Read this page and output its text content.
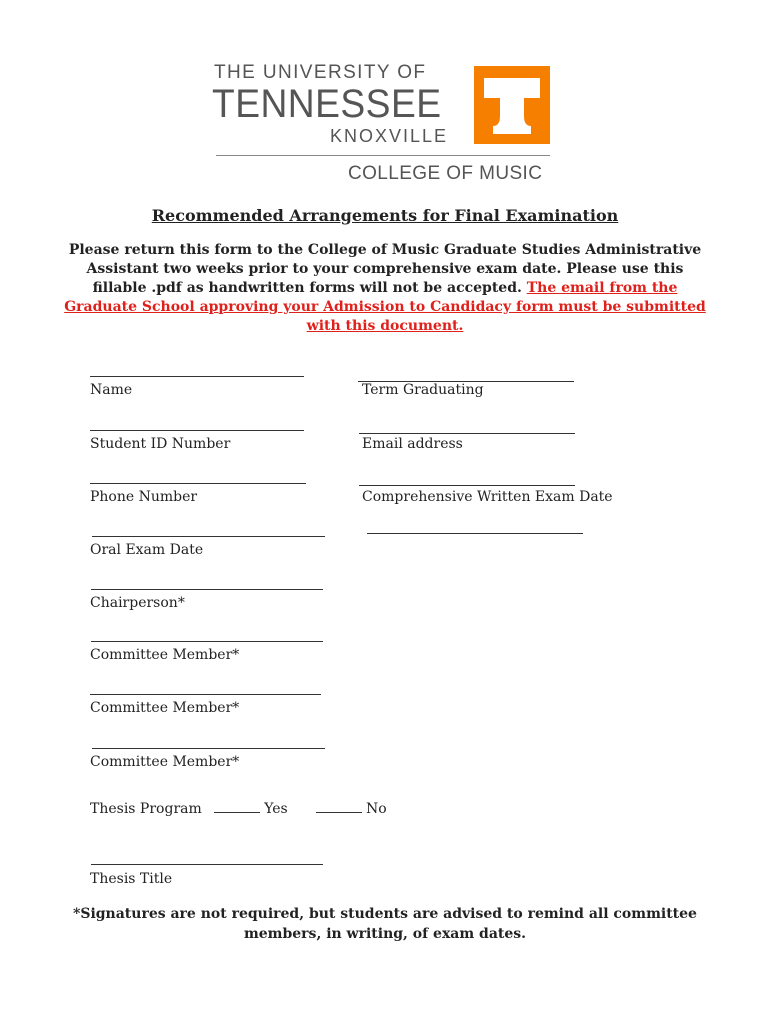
THE UNIVERSITY OF
TENNESSEE
KNOXVILLE
COLLEGE OF MUSIC
Recommended Arrangements for Final Examination
Please return this form to the College of Music Graduate Studies Administrative Assistant two weeks prior to your comprehensive exam date. Please use this fillable .pdf as handwritten forms will not be accepted. The email from the Graduate School approving your Admission to Candidacy form must be submitted with this document.
Name
Student ID Number
Phone Number
Oral Exam Date
Chairperson*
Committee Member*
Committee Member*
Committee Member*
Thesis Program	Yes	No
Thesis Title
Term Graduating
Email address
Comprehensive Written Exam Date
*Signatures are not required, but students are advised to remind all committee members, in writing, of exam dates.
